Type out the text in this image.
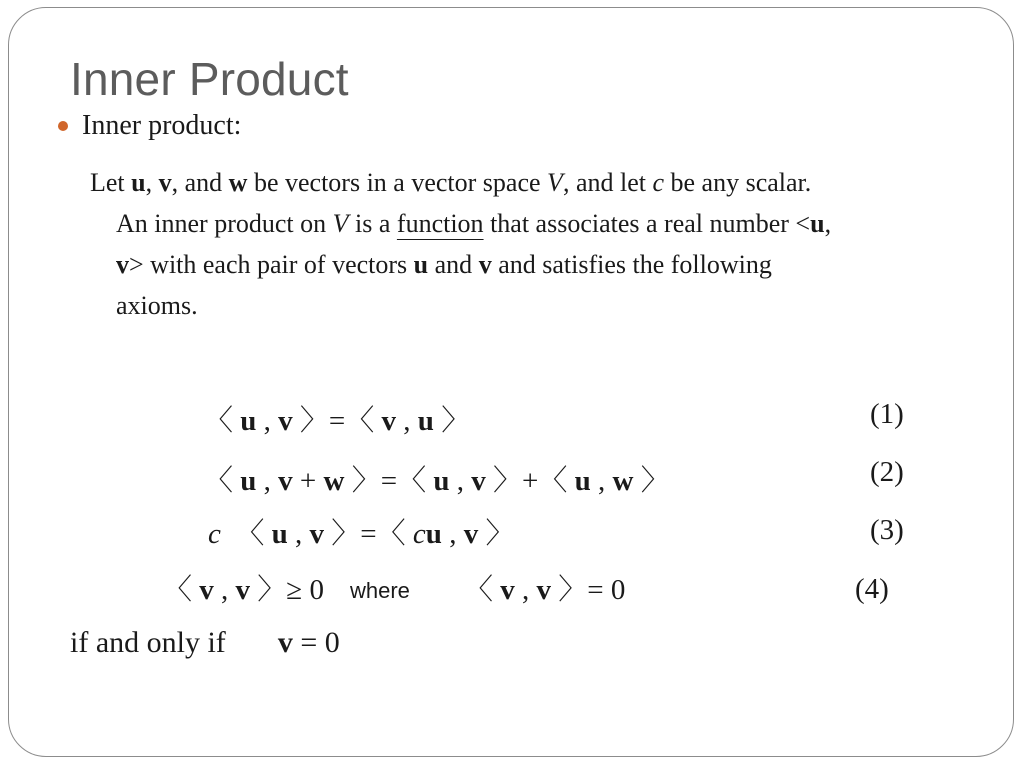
Inner Product
Inner product:
Let u, v, and w be vectors in a vector space V, and let c be any scalar.
An inner product on V is a function that associates a real number <u,
v> with each pair of vectors u and v and satisfies the following
axioms.
〈 u , v 〉=〈 v , u 〉	(1)
〈 u , v + w 〉=〈 u , v 〉+〈 u , w 〉	(2)
c 〈 u , v 〉=〈 cu , v 〉	(3)
〈 v , v 〉≥ 0 where 〈 v , v 〉= 0	(4)
if and only if v = 0
